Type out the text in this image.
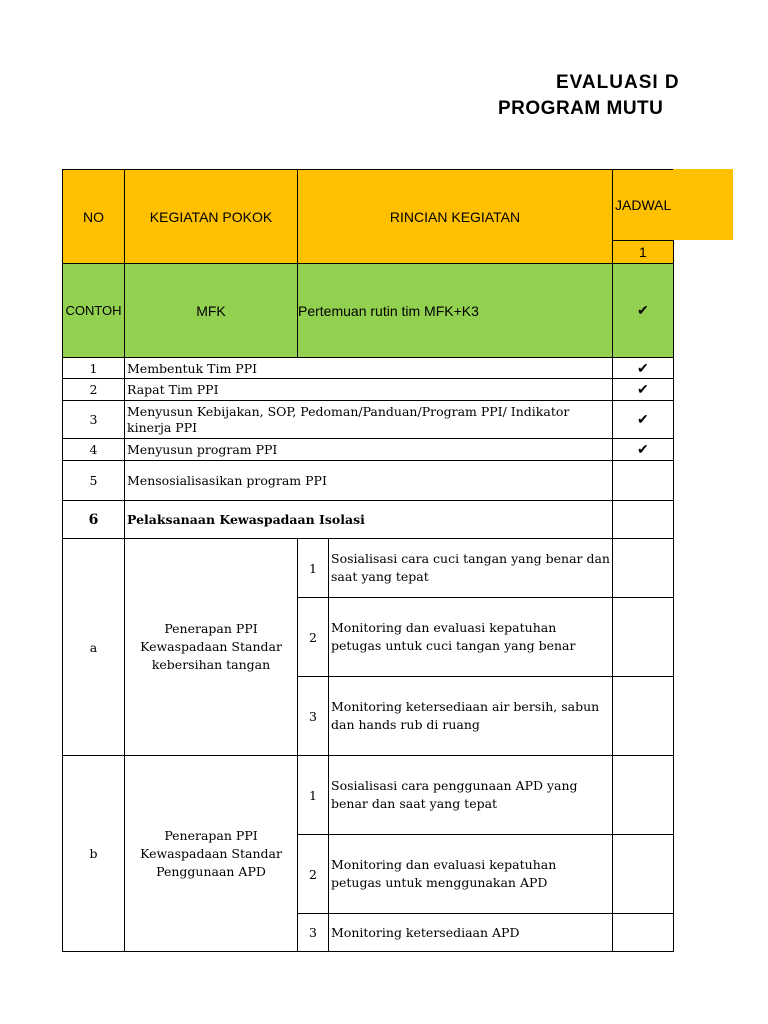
EVALUASI D
PROGRAM MUTU
NO	KEGIATAN POKOK	RINCIAN KEGIATAN		JADWAL
				1
CONTOH	MFK	Pertemuan rutin tim MFK+K3		✔
1	Membentuk Tim PPI			✔
2	Rapat Tim PPI			✔
3	Menyusun Kebijakan, SOP, Pedoman/Panduan/Program PPI/ Indikator kinerja PPI			✔
4	Menyusun program PPI			✔
5	Mensosialisasikan program PPI			
6	Pelaksanaan Kewaspadaan Isolasi			
a	Penerapan PPI Kewaspadaan Standar kebersihan tangan	1	Sosialisasi cara cuci tangan yang benar dan saat yang tepat	
		2	Monitoring dan evaluasi kepatuhan petugas untuk cuci tangan yang benar	
		3	Monitoring ketersediaan air bersih, sabun dan hands rub di ruang	
b	Penerapan PPI Kewaspadaan Standar Penggunaan APD	1	Sosialisasi cara penggunaan APD yang benar dan saat yang tepat	
		2	Monitoring dan evaluasi kepatuhan petugas untuk menggunakan APD	
		3	Monitoring ketersediaan APD	
